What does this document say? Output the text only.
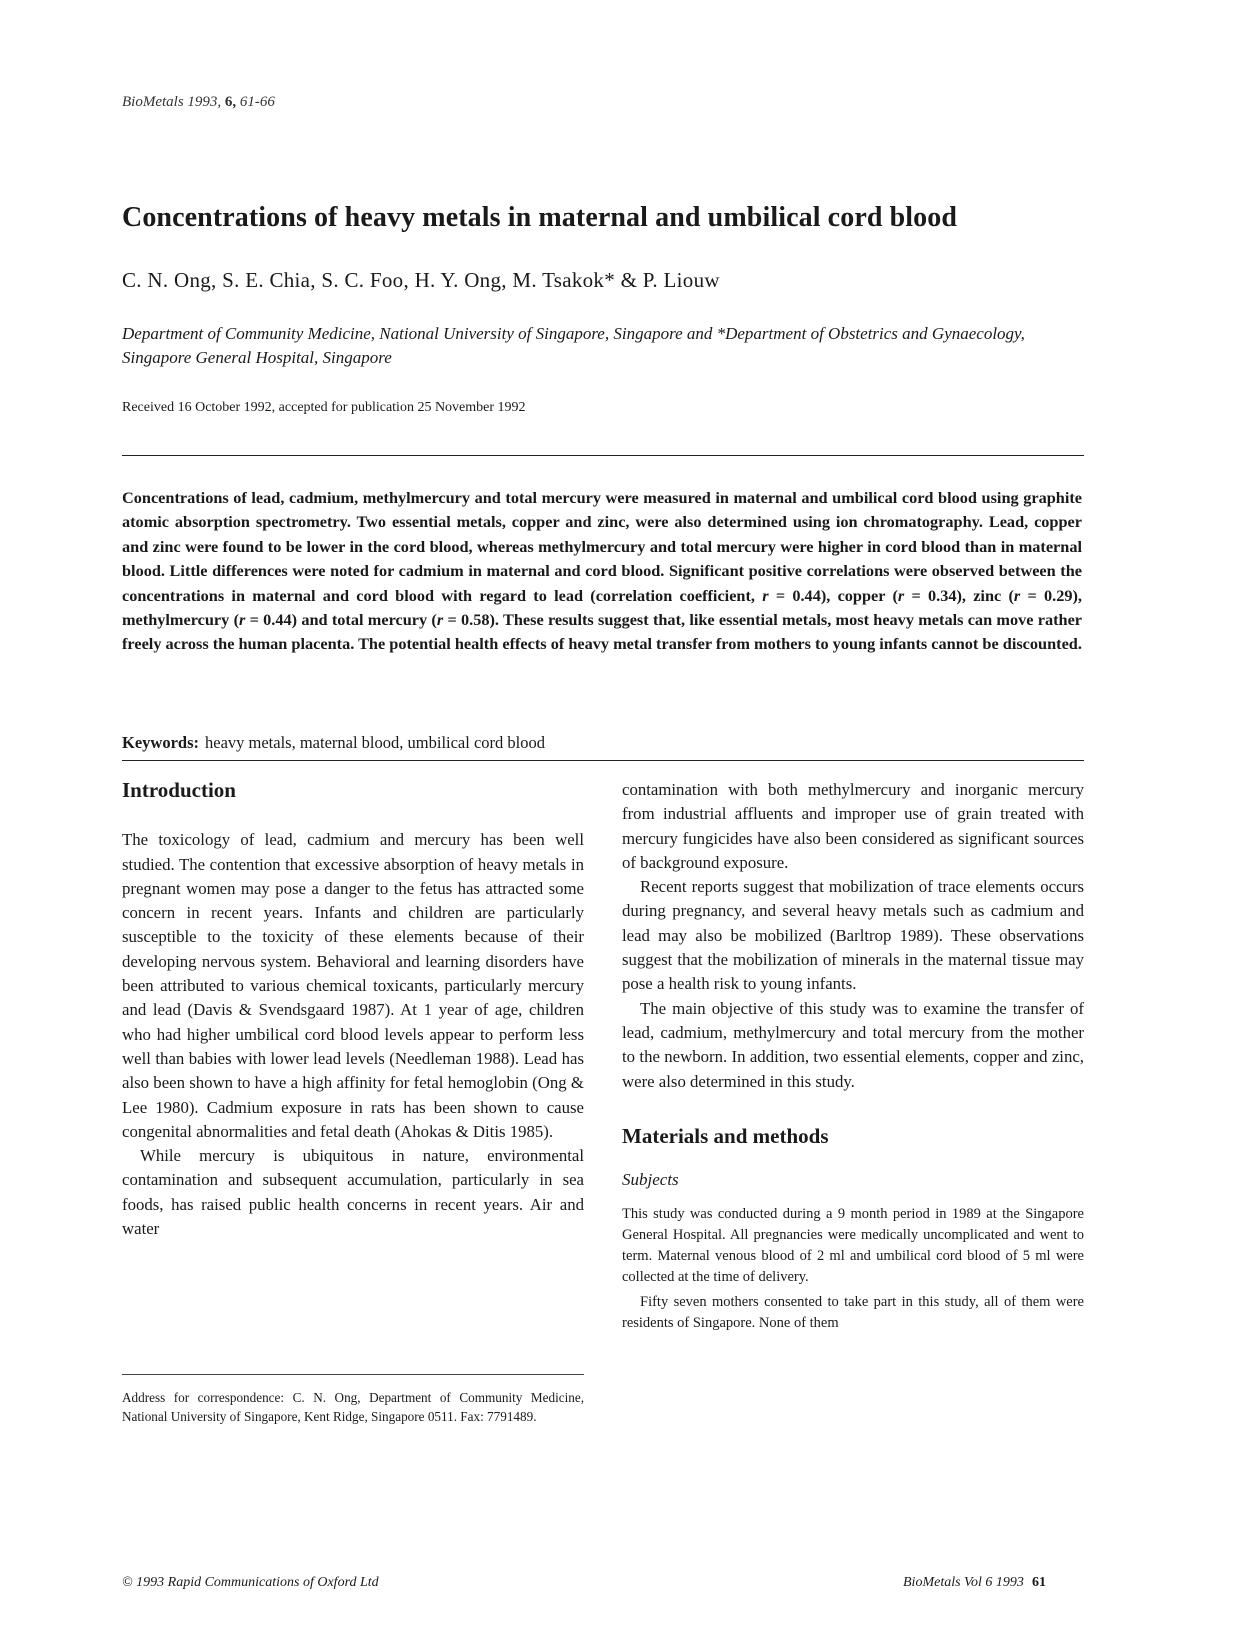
BioMetals 1993, 6, 61-66
Concentrations of heavy metals in maternal and umbilical cord blood
C. N. Ong, S. E. Chia, S. C. Foo, H. Y. Ong, M. Tsakok* & P. Liouw
Department of Community Medicine, National University of Singapore, Singapore and *Department of Obstetrics and Gynaecology, Singapore General Hospital, Singapore
Received 16 October 1992, accepted for publication 25 November 1992
Concentrations of lead, cadmium, methylmercury and total mercury were measured in maternal and umbilical cord blood using graphite atomic absorption spectrometry. Two essential metals, copper and zinc, were also determined using ion chromatography. Lead, copper and zinc were found to be lower in the cord blood, whereas methylmercury and total mercury were higher in cord blood than in maternal blood. Little differences were noted for cadmium in maternal and cord blood. Significant positive correlations were observed between the concentrations in maternal and cord blood with regard to lead (correlation coefficient, r = 0.44), copper (r = 0.34), zinc (r = 0.29), methylmercury (r = 0.44) and total mercury (r = 0.58). These results suggest that, like essential metals, most heavy metals can move rather freely across the human placenta. The potential health effects of heavy metal transfer from mothers to young infants cannot be discounted.
Keywords: heavy metals, maternal blood, umbilical cord blood
Introduction

The toxicology of lead, cadmium and mercury has been well studied. The contention that excessive absorption of heavy metals in pregnant women may pose a danger to the fetus has attracted some concern in recent years. Infants and children are particularly susceptible to the toxicity of these elements because of their developing nervous system. Behavioral and learning disorders have been attributed to various chemical toxicants, particularly mercury and lead (Davis & Svendsgaard 1987). At 1 year of age, children who had higher umbilical cord blood levels appear to perform less well than babies with lower lead levels (Needleman 1988). Lead has also been shown to have a high affinity for fetal hemoglobin (Ong & Lee 1980). Cadmium exposure in rats has been shown to cause congenital abnormalities and fetal death (Ahokas & Ditis 1985).

While mercury is ubiquitous in nature, environmental contamination and subsequent accumulation, particularly in sea foods, has raised public health concerns in recent years. Air and water

Address for correspondence: C. N. Ong, Department of Community Medicine, National University of Singapore, Kent Ridge, Singapore 0511. Fax: 7791489.

contamination with both methylmercury and inorganic mercury from industrial affluents and improper use of grain treated with mercury fungicides have also been considered as significant sources of background exposure.

Recent reports suggest that mobilization of trace elements occurs during pregnancy, and several heavy metals such as cadmium and lead may also be mobilized (Barltrop 1989). These observations suggest that the mobilization of minerals in the maternal tissue may pose a health risk to young infants.

The main objective of this study was to examine the transfer of lead, cadmium, methylmercury and total mercury from the mother to the newborn. In addition, two essential elements, copper and zinc, were also determined in this study.

Materials and methods
Subjects

This study was conducted during a 9 month period in 1989 at the Singapore General Hospital. All pregnancies were medically uncomplicated and went to term. Maternal venous blood of 2 ml and umbilical cord blood of 5 ml were collected at the time of delivery.

Fifty seven mothers consented to take part in this study, all of them were residents of Singapore. None of them

© 1993 Rapid Communications of Oxford Ltd	BioMetals Vol 6 1993 61
